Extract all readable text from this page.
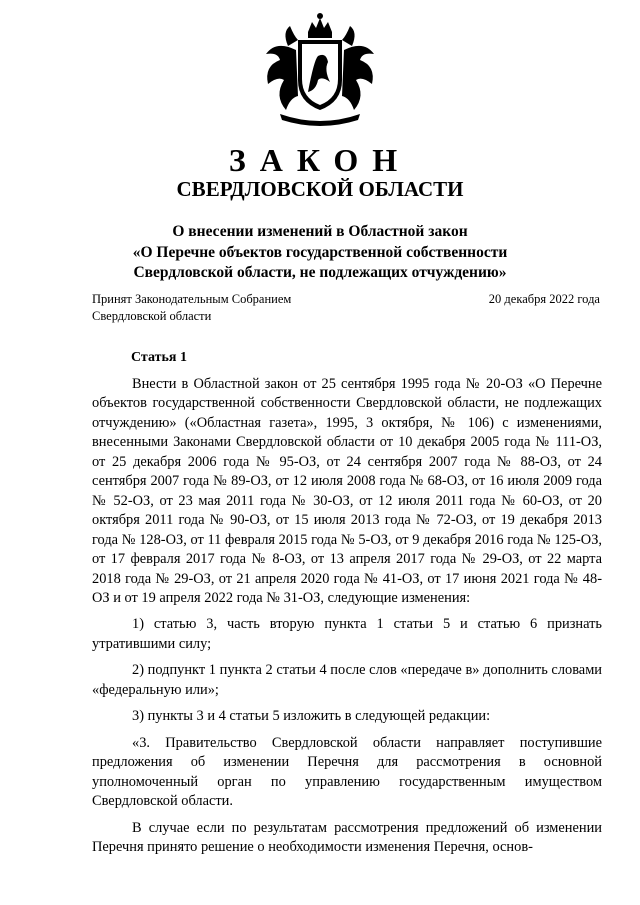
ЗАКОН
СВЕРДЛОВСКОЙ ОБЛАСТИ
О внесении изменений в Областной закон
«О Перечне объектов государственной собственности
Свердловской области, не подлежащих отчуждению»
Принят Законодательным Собранием
Свердловской области
20 декабря 2022 года
Статья 1

Внести в Областной закон от 25 сентября 1995 года № 20-ОЗ «О Перечне объектов государственной собственности Свердловской области, не подлежащих отчуждению» («Областная газета», 1995, 3 октября, № 106) с изменениями, внесенными Законами Свердловской области от 10 декабря 2005 года № 111-ОЗ, от 25 декабря 2006 года № 95-ОЗ, от 24 сентября 2007 года № 88-ОЗ, от 24 сентября 2007 года № 89-ОЗ, от 12 июля 2008 года № 68-ОЗ, от 16 июля 2009 года № 52-ОЗ, от 23 мая 2011 года № 30-ОЗ, от 12 июля 2011 года № 60-ОЗ, от 20 октября 2011 года № 90-ОЗ, от 15 июля 2013 года № 72-ОЗ, от 19 декабря 2013 года № 128-ОЗ, от 11 февраля 2015 года № 5-ОЗ, от 9 декабря 2016 года № 125-ОЗ, от 17 февраля 2017 года № 8-ОЗ, от 13 апреля 2017 года № 29-ОЗ, от 22 марта 2018 года № 29-ОЗ, от 21 апреля 2020 года № 41-ОЗ, от 17 июня 2021 года № 48-ОЗ и от 19 апреля 2022 года № 31-ОЗ, следующие изменения:

1) статью 3, часть вторую пункта 1 статьи 5 и статью 6 признать утратившими силу;

2) подпункт 1 пункта 2 статьи 4 после слов «передаче в» дополнить словами «федеральную или»;

3) пункты 3 и 4 статьи 5 изложить в следующей редакции:

«3. Правительство Свердловской области направляет поступившие предложения об изменении Перечня для рассмотрения в основной уполномоченный орган по управлению государственным имуществом Свердловской области.

В случае если по результатам рассмотрения предложений об изменении Перечня принято решение о необходимости изменения Перечня, основ-
